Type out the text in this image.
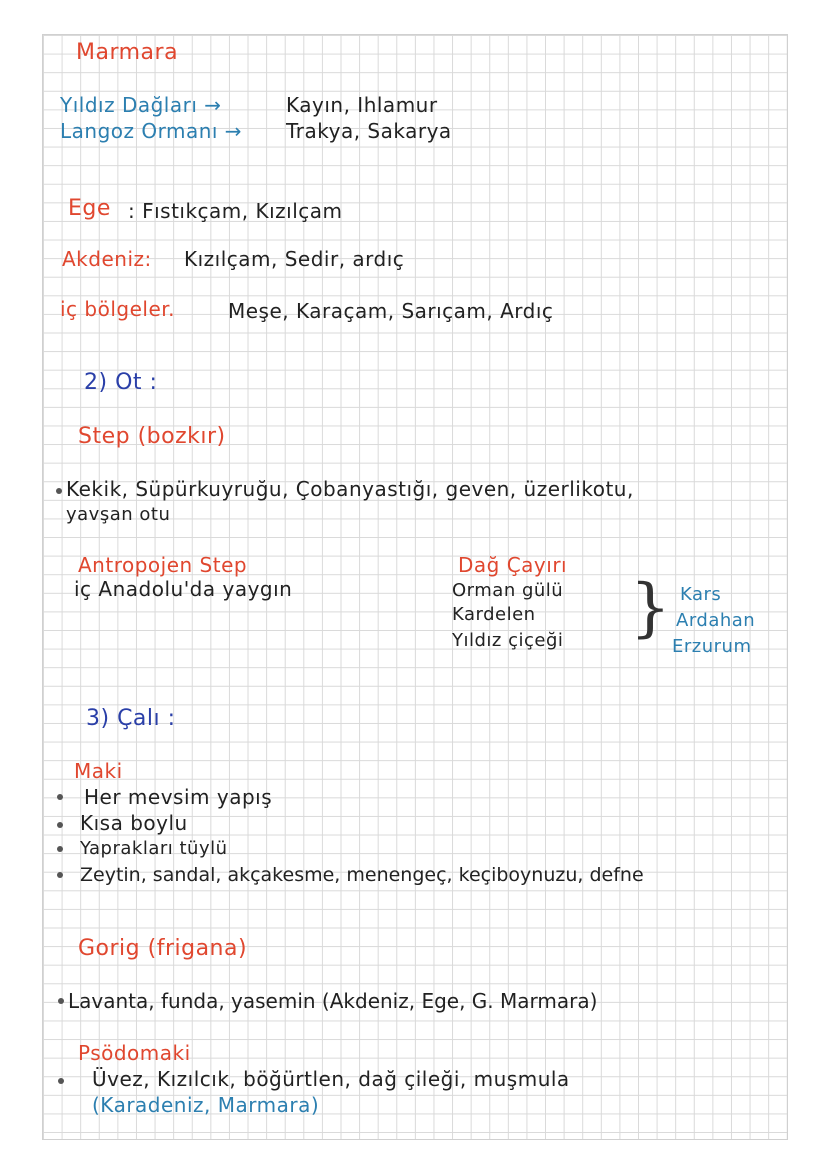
Marmara
Yıldız Dağları →	Kayın, Ihlamur
Langoz Ormanı → Trakya, Sakarya
Ege : Fıstıkçam, Kızılçam
Akdeniz: Kızılçam, Sedir, ardıç
iç bölgeler.	Meşe, Karaçam, Sarıçam, Ardıç
2) Ot :
Step (bozkır)
Kekik, Süpürkuyruğu, Çobanyastığı, geven, üzerlikotu,
yavşan otu
Antropojen Step
iç Anadolu'da yaygın
Dağ Çayırı
Orman gülü
Kardelen
Yıldız çiçeği } Kars
Ardahan
Erzurum
3) Çalı :
Maki
Her mevsim yapış
Kısa boylu
Yaprakları tüylü
Zeytin, sandal, akçakesme, menengeç, keçiboynuzu, defne
Gorig (frigana)
Lavanta, funda, yasemin (Akdeniz, Ege, G. Marmara)
Psödomaki
Üvez, Kızılcık, böğürtlen, dağ çileği, muşmula
(Karadeniz, Marmara)
